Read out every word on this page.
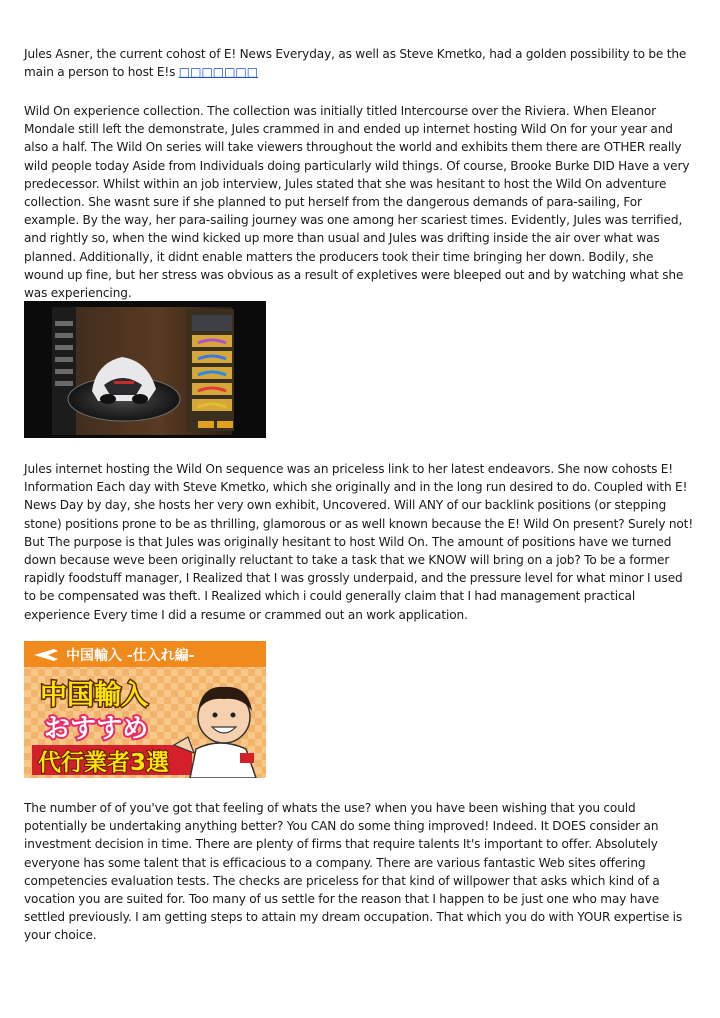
Jules Asner, the current cohost of E! News Everyday, as well as Steve Kmetko, had a golden possibility to be the main a person to host E!s □□□□□□□

Wild On experience collection. The collection was initially titled Intercourse over the Riviera. When Eleanor Mondale still left the demonstrate, Jules crammed in and ended up internet hosting Wild On for your year and also a half. The Wild On series will take viewers throughout the world and exhibits them there are OTHER really wild people today Aside from Individuals doing particularly wild things. Of course, Brooke Burke DID Have a very predecessor. Whilst within an job interview, Jules stated that she was hesitant to host the Wild On adventure collection. She wasnt sure if she planned to put herself from the dangerous demands of para-sailing, For example. By the way, her para-sailing journey was one among her scariest times. Evidently, Jules was terrified, and rightly so, when the wind kicked up more than usual and Jules was drifting inside the air over what was planned. Additionally, it didnt enable matters the producers took their time bringing her down. Bodily, she wound up fine, but her stress was obvious as a result of expletives were bleeped out and by watching what she was experiencing.

Jules internet hosting the Wild On sequence was an priceless link to her latest endeavors. She now cohosts E! Information Each day with Steve Kmetko, which she originally and in the long run desired to do. Coupled with E! News Day by day, she hosts her very own exhibit, Uncovered. Will ANY of our backlink positions (or stepping stone) positions prone to be as thrilling, glamorous or as well known because the E! Wild On present? Surely not! But The purpose is that Jules was originally hesitant to host Wild On. The amount of positions have we turned down because weve been originally reluctant to take a task that we KNOW will bring on a job? To be a former rapidly foodstuff manager, I Realized that I was grossly underpaid, and the pressure level for what minor I used to be compensated was theft. I Realized which i could generally claim that I had management practical experience Every time I did a resume or crammed out an work application.

中国輸入 -仕入れ編-
中国輸入
おすすめ
代行業者3選

The number of of you've got that feeling of whats the use? when you have been wishing that you could potentially be undertaking anything better? You CAN do some thing improved! Indeed. It DOES consider an investment decision in time. There are plenty of firms that require talents It's important to offer. Absolutely everyone has some talent that is efficacious to a company. There are various fantastic Web sites offering competencies evaluation tests. The checks are priceless for that kind of willpower that asks which kind of a vocation you are suited for. Too many of us settle for the reason that I happen to be just one who may have settled previously. I am getting steps to attain my dream occupation. That which you do with YOUR expertise is your choice.
